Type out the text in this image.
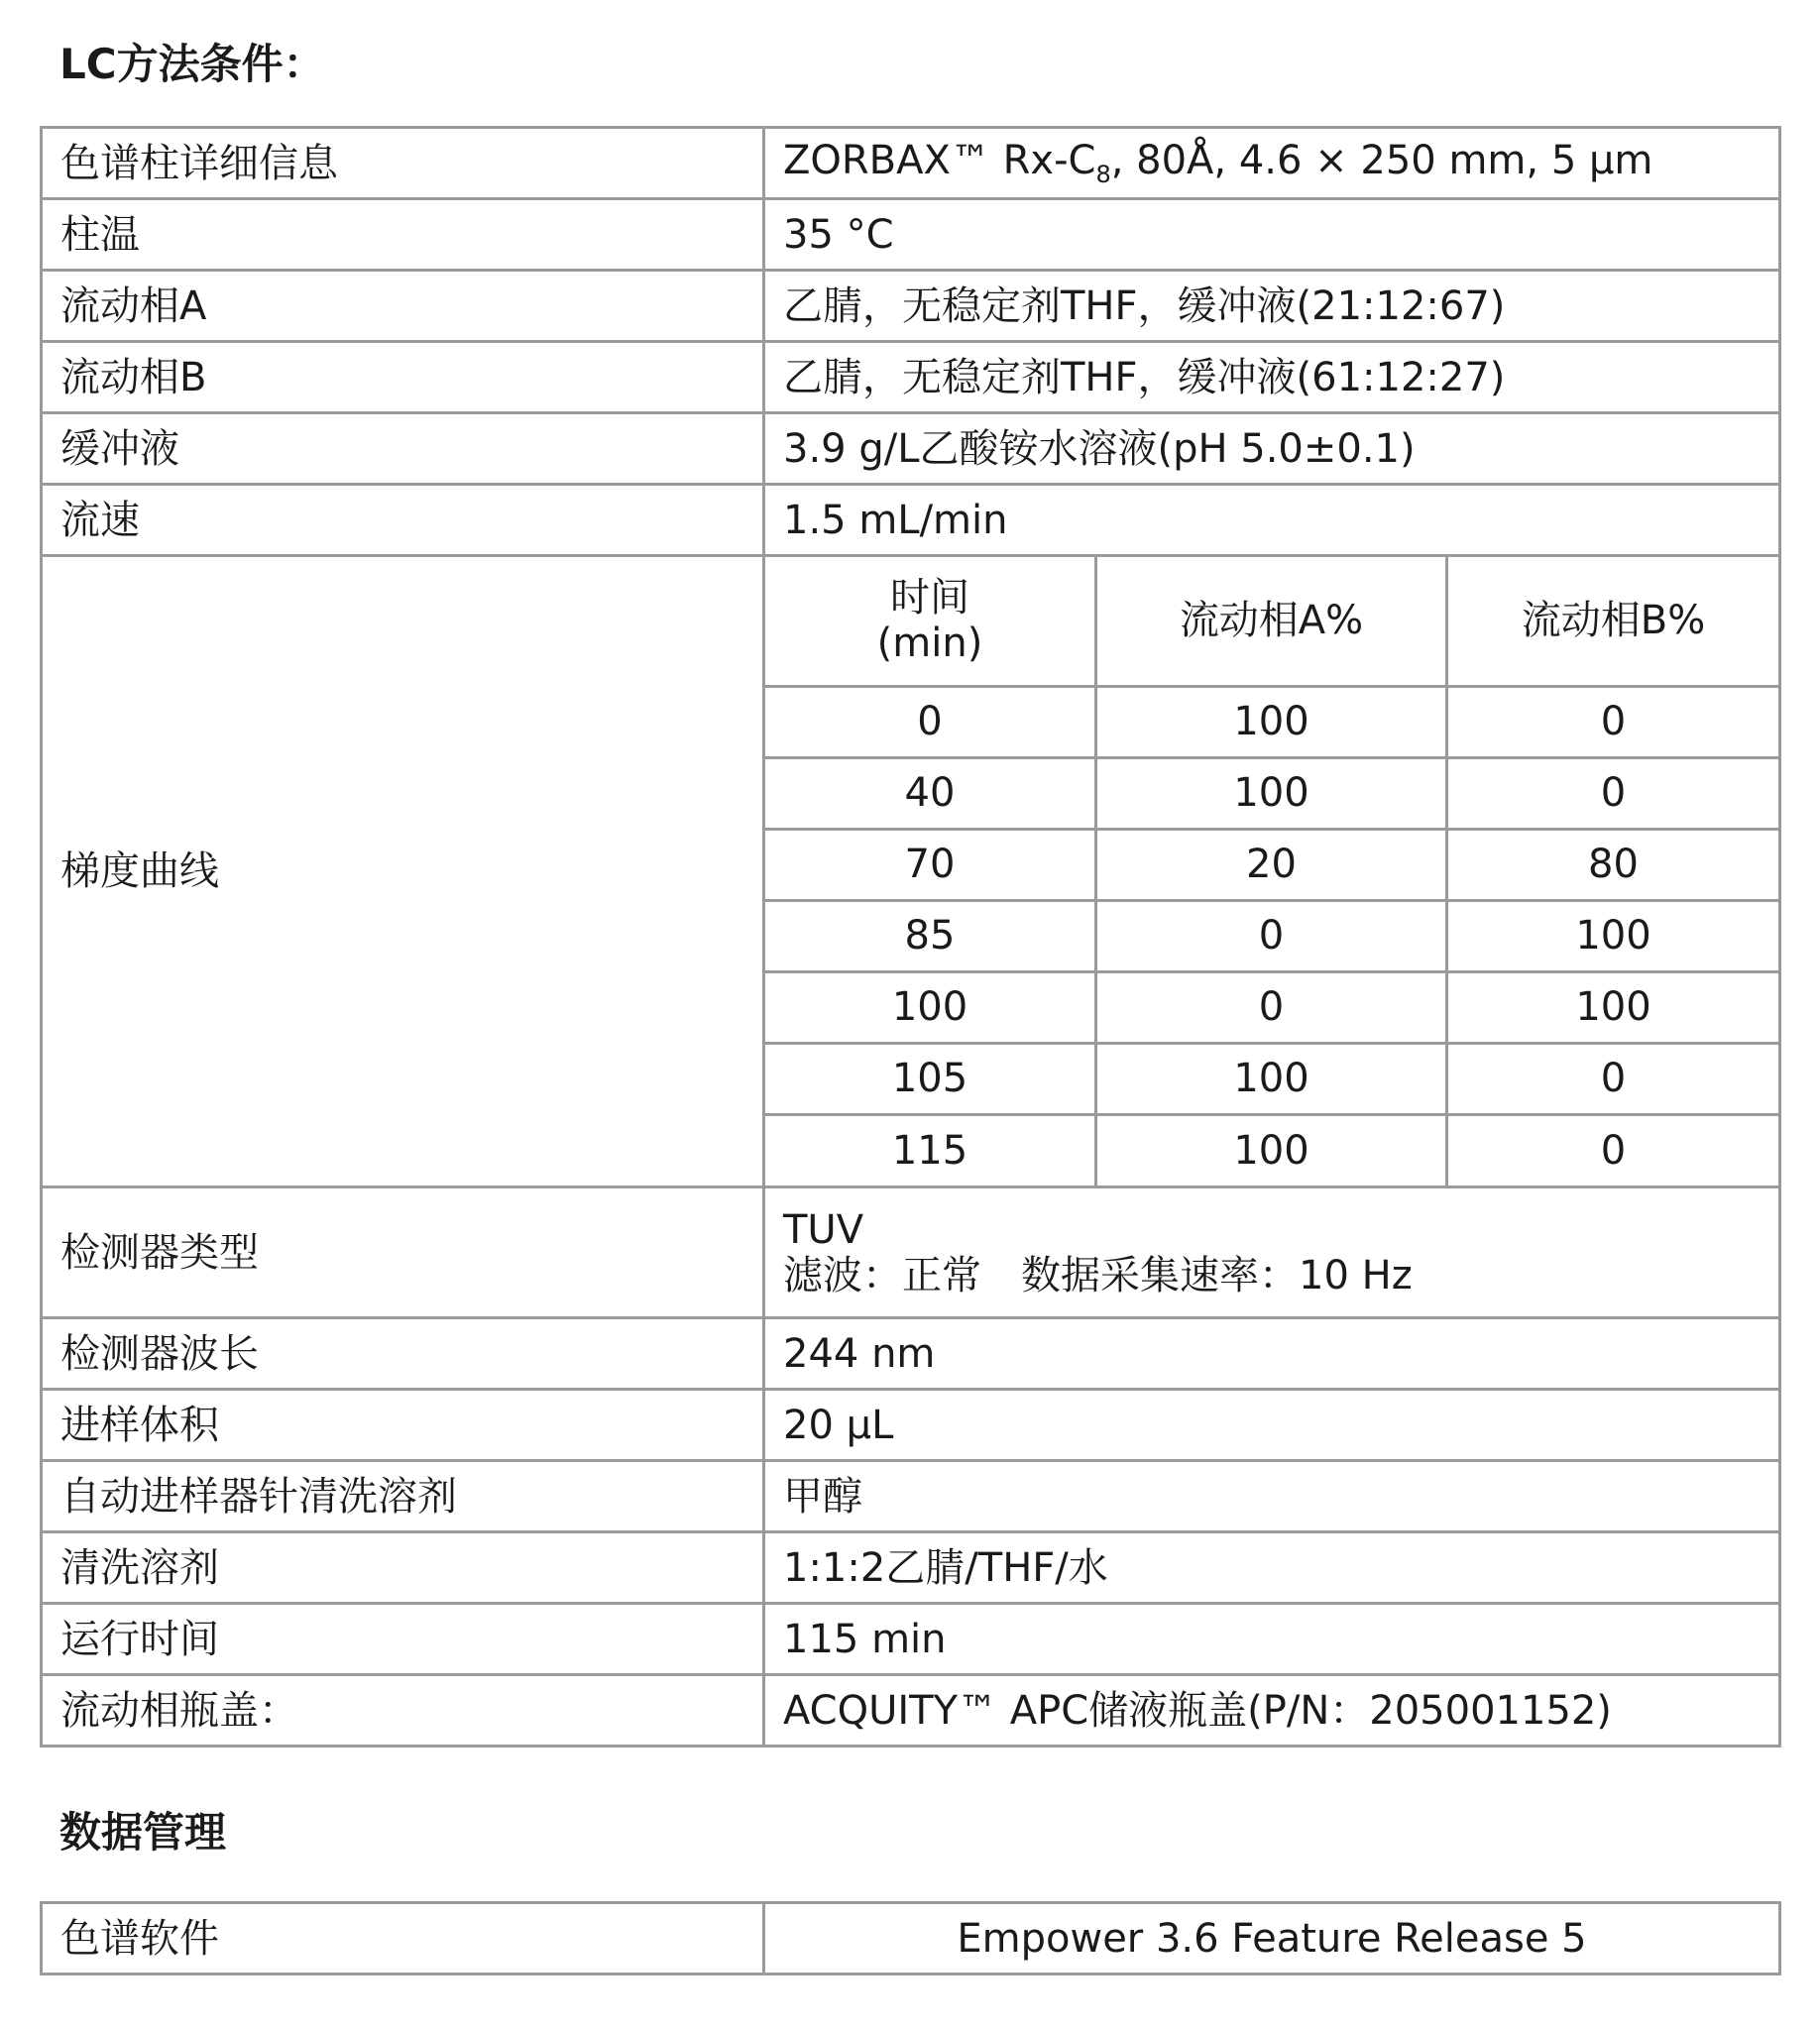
LC方法条件：
色谱柱详细信息	ZORBAX™ $Rx-C_8$, 80Å, 4.6 × 250 mm, 5 μm
柱温	35 °C
流动相A	乙腈，无稳定剂THF，缓冲液(21:12:67)
流动相B	乙腈，无稳定剂THF，缓冲液(61:12:27)
缓冲液	3.9 g/L乙酸铵水溶液(pH 5.0±0.1)
流速	1.5 mL/min
梯度曲线	
时间
(min)	流动相A%	流动相B%
0	100	0
40	100	0
70	20	80
85	0	100
100	0	100
105	100	0
115	100	0

检测器类型	TUV
滤波：正常　数据采集速率：10 Hz

检测器波长	244 nm
进样体积	20 μL
自动进样器针清洗溶剂	甲醇
清洗溶剂	1:1:2乙腈/THF/水
运行时间	115 min
流动相瓶盖：	ACQUITY™ APC储液瓶盖(P/N：205001152)
数据管理
色谱软件	Empower 3.6 Feature Release 5
